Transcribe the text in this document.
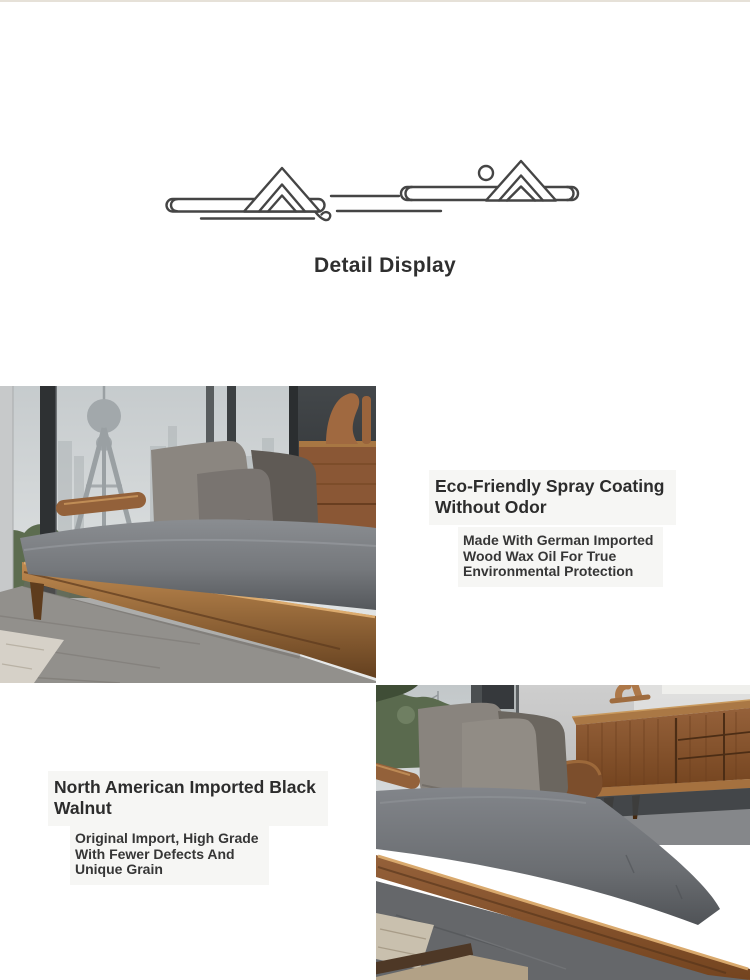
Detail Display
Eco-Friendly Spray Coating
Without Odor
Made With German Imported
Wood Wax Oil For True
Environmental Protection
North American Imported Black
Walnut
Original Import, High Grade
With Fewer Defects And
Unique Grain
